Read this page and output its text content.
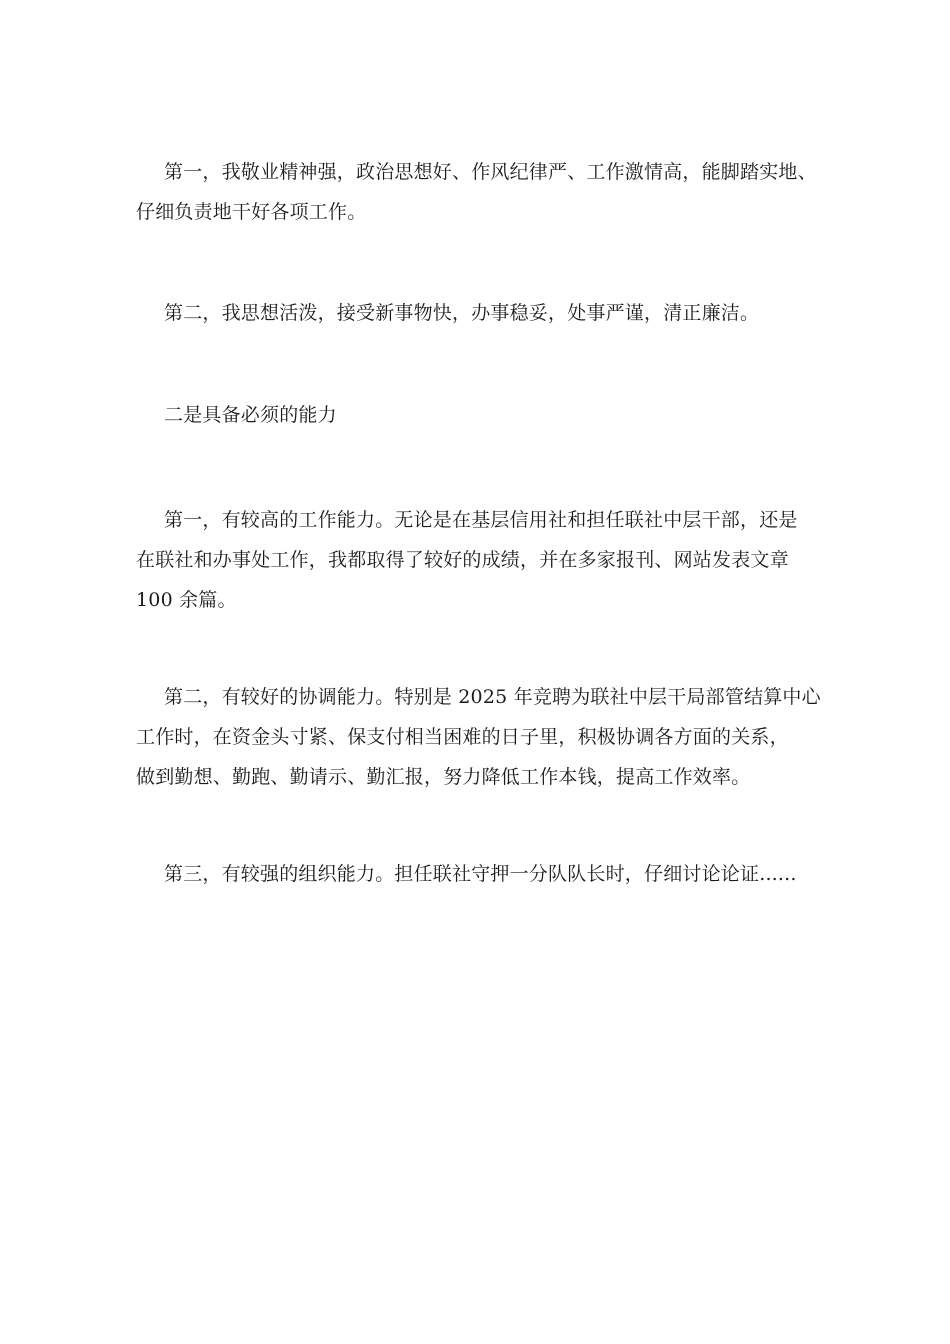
第一，我敬业精神强，政治思想好、作风纪律严、工作激情高，能脚踏实地、
仔细负责地干好各项工作。

第二，我思想活泼，接受新事物快，办事稳妥，处事严谨，清正廉洁。

二是具备必须的能力

第一，有较高的工作能力。无论是在基层信用社和担任联社中层干部，还是
在联社和办事处工作，我都取得了较好的成绩，并在多家报刊、网站发表文章
100 余篇。

第二，有较好的协调能力。特别是 2025 年竞聘为联社中层干局部管结算中心
工作时，在资金头寸紧、保支付相当困难的日子里，积极协调各方面的关系，
做到勤想、勤跑、勤请示、勤汇报，努力降低工作本钱，提高工作效率。

第三，有较强的组织能力。担任联社守押一分队队长时，仔细讨论论证......
